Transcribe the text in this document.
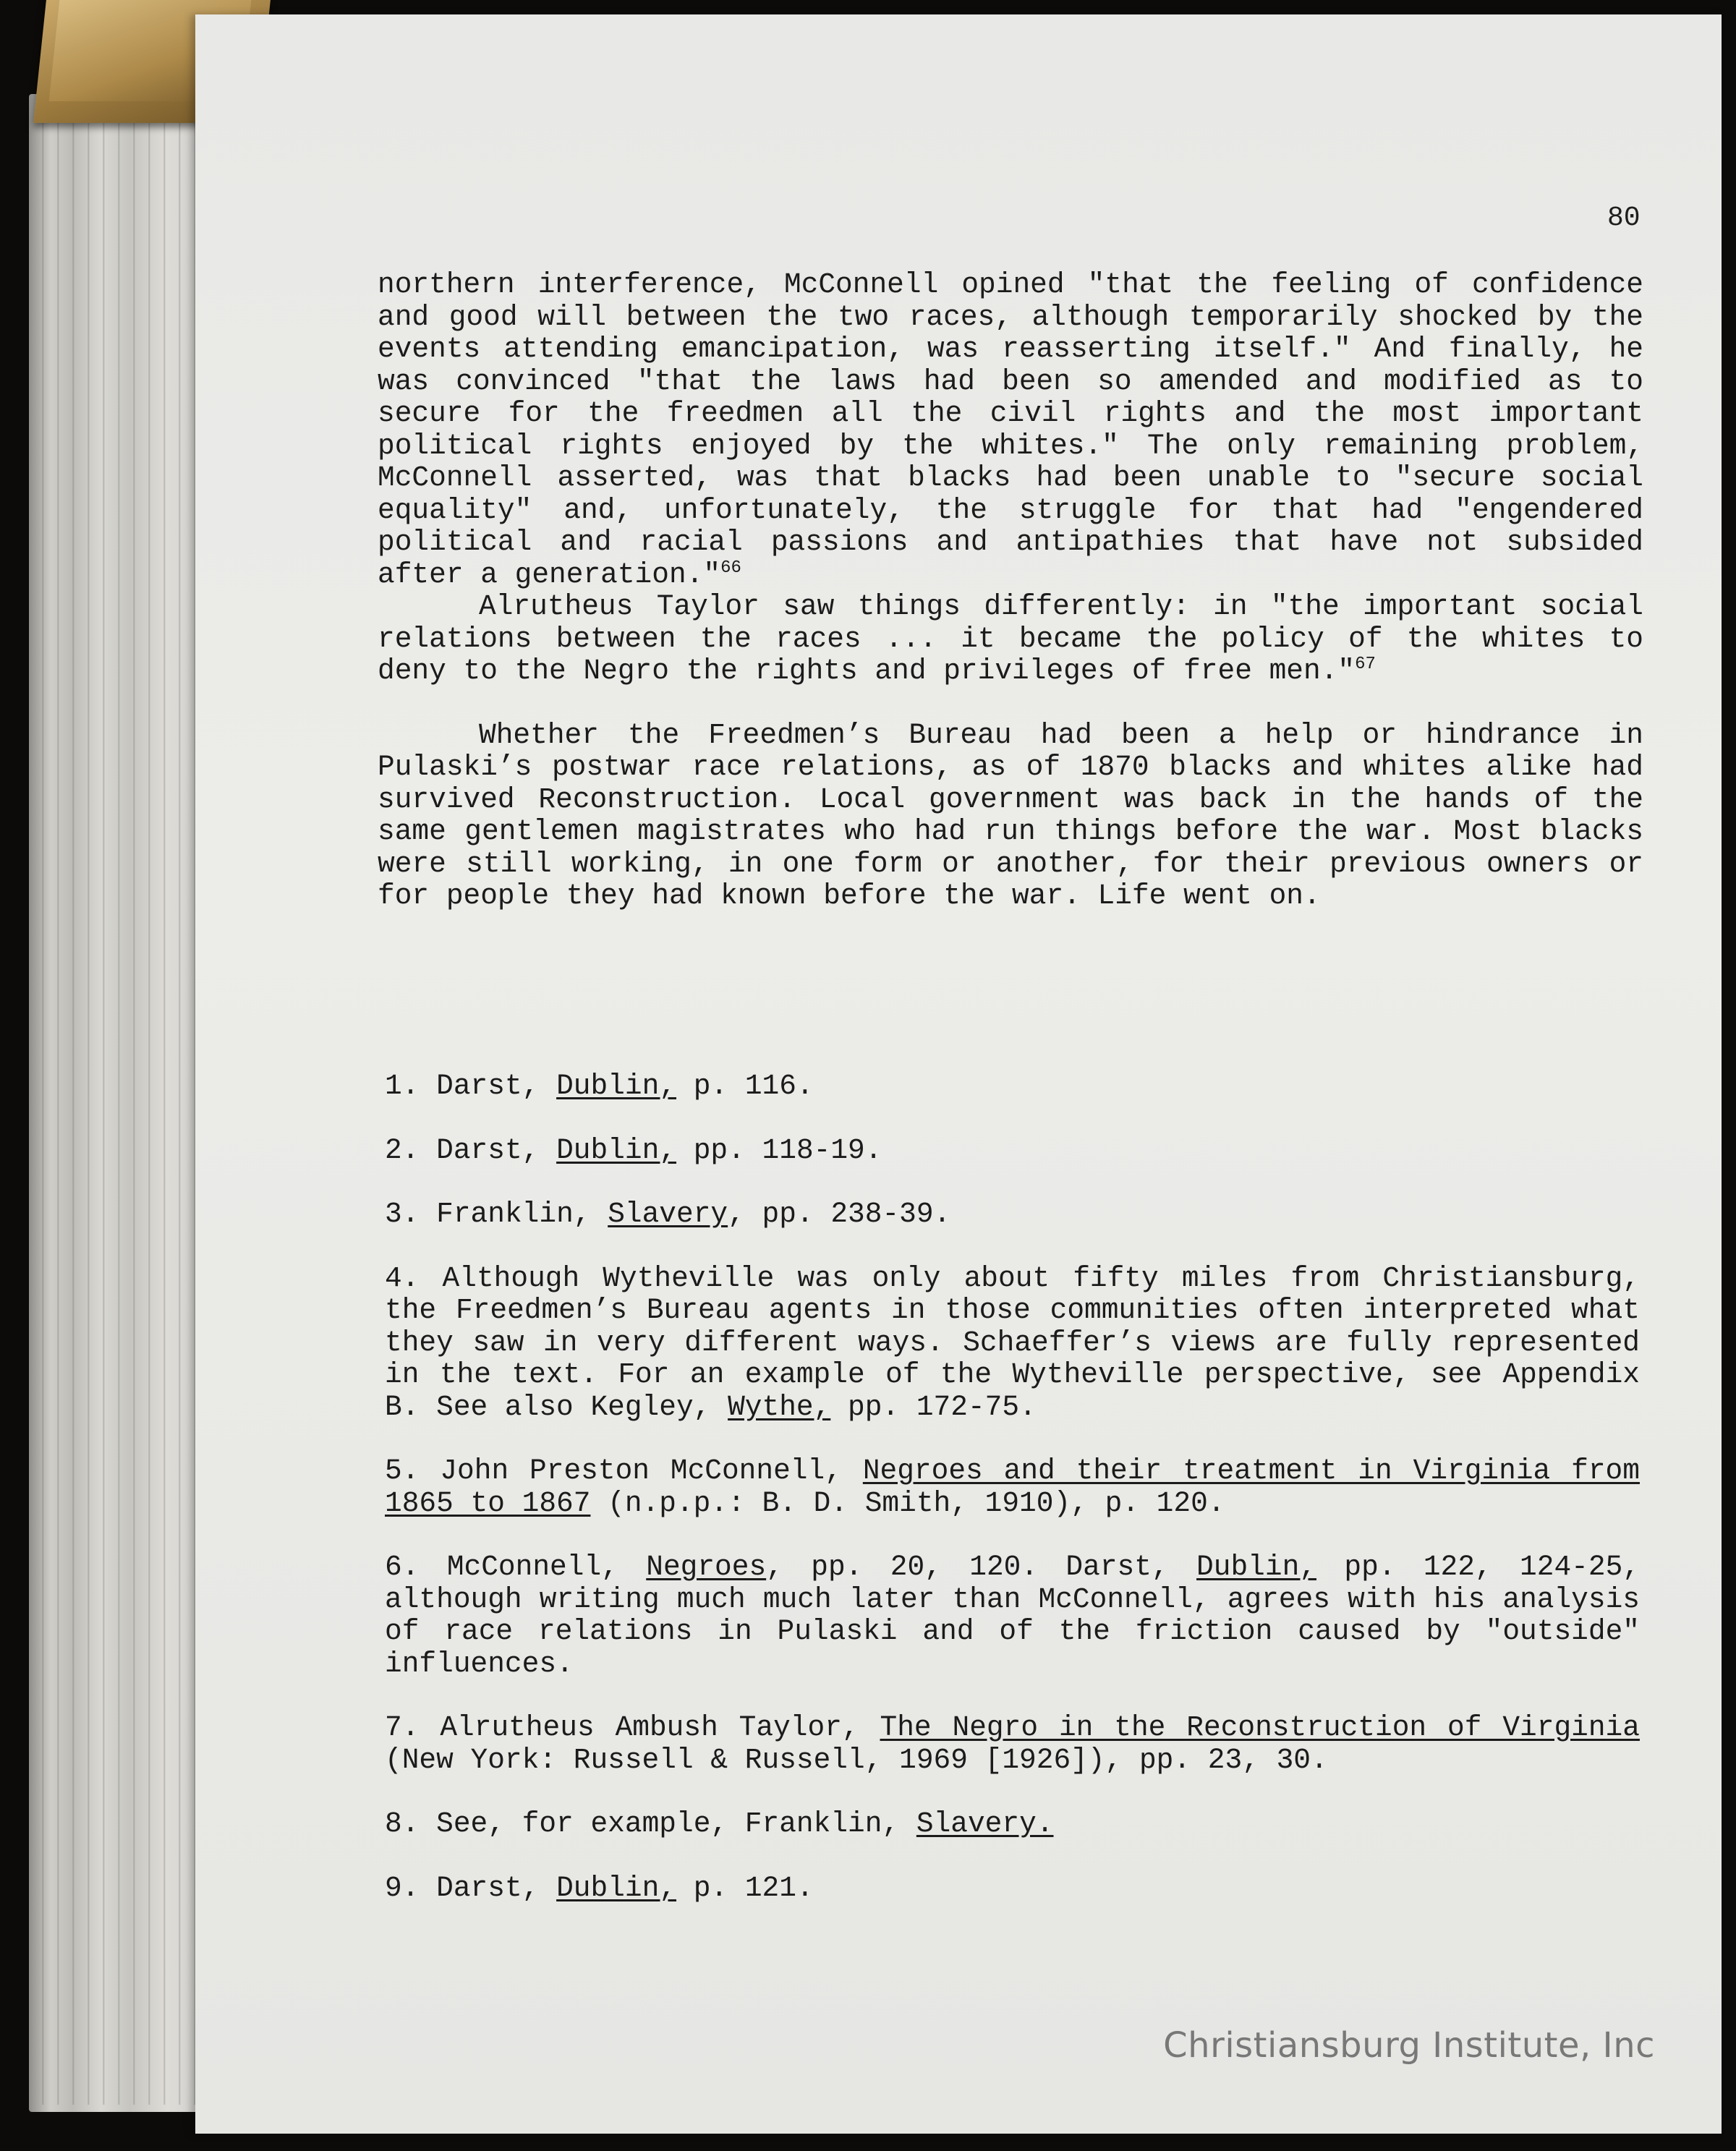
80

northern interference, McConnell opined "that the feeling of confidence and good will between the two races, although temporarily shocked by the events attending emancipation, was reasserting itself." And finally, he was convinced "that the laws had been so amended and modified as to secure for the freedmen all the civil rights and the most important political rights enjoyed by the whites." The only remaining problem, McConnell asserted, was that blacks had been unable to "secure social equality" and, unfortunately, the struggle for that had "engendered political and racial passions and antipathies that have not subsided after a generation."$^{66}$

Alrutheus Taylor saw things differently: in "the important social relations between the races ... it became the policy of the whites to deny to the Negro the rights and privileges of free men."$^{67}$

Whether the Freedmen’s Bureau had been a help or hindrance in Pulaski’s postwar race relations, as of 1870 blacks and whites alike had survived Reconstruction. Local government was back in the hands of the same gentlemen magistrates who had run things before the war. Most blacks were still working, in one form or another, for their previous owners or for people they had known before the war. Life went on.

1. Darst, Dublin, p. 116.

2. Darst, Dublin, pp. 118-19.

3. Franklin, Slavery, pp. 238-39.

4. Although Wytheville was only about fifty miles from Christiansburg, the Freedmen’s Bureau agents in those communities often interpreted what they saw in very different ways. Schaeffer’s views are fully represented in the text. For an example of the Wytheville perspective, see Appendix B. See also Kegley, Wythe, pp. 172-75.

5. John Preston McConnell, Negroes and their treatment in Virginia from 1865 to 1867 (n.p.p.: B. D. Smith, 1910), p. 120.

6. McConnell, Negroes, pp. 20, 120. Darst, Dublin, pp. 122, 124-25, although writing much much later than McConnell, agrees with his analysis of race relations in Pulaski and of the friction caused by "outside" influences.

7. Alrutheus Ambush Taylor, The Negro in the Reconstruction of Virginia (New York: Russell & Russell, 1969 [1926]), pp. 23, 30.

8. See, for example, Franklin, Slavery.

9. Darst, Dublin, p. 121.

Christiansburg Institute, Inc
